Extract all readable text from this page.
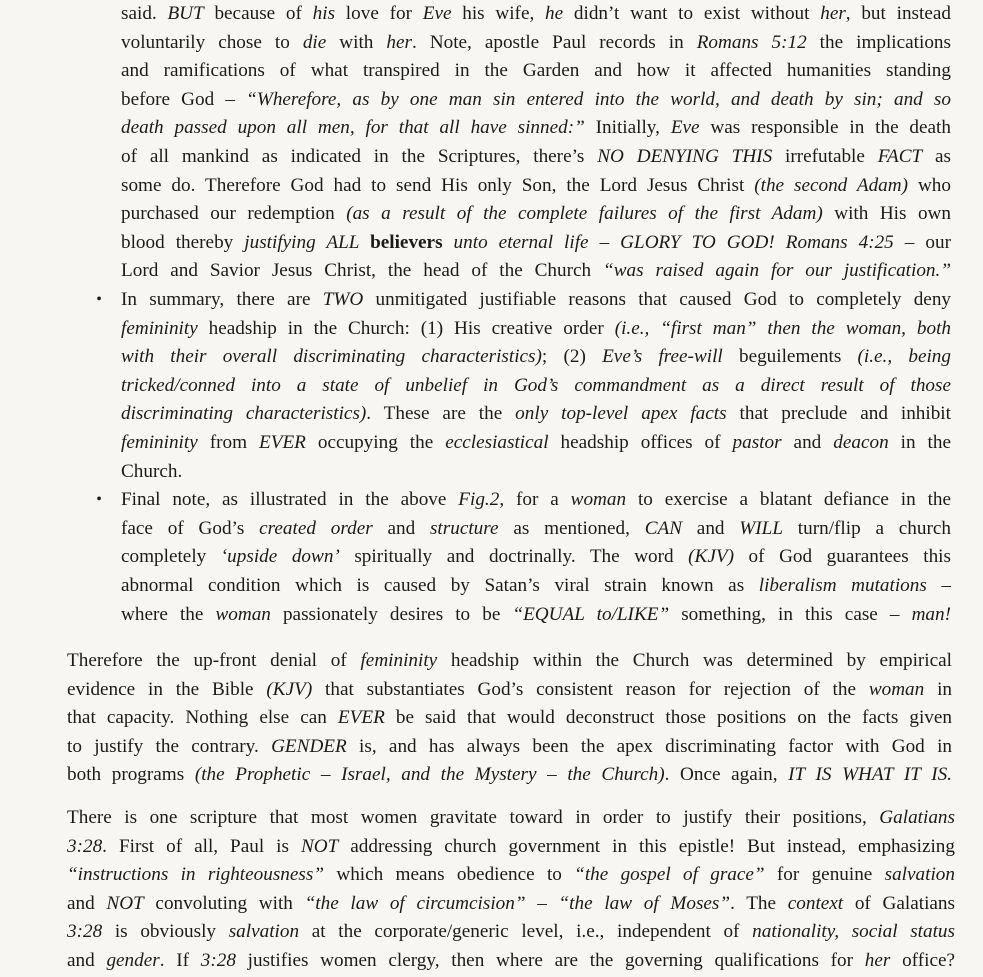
said. BUT because of his love for Eve his wife, he didn’t want to exist without her, but instead
voluntarily chose to die with her. Note, apostle Paul records in Romans 5:12 the implications
and ramifications of what transpired in the Garden and how it affected humanities standing
before God – “Wherefore, as by one man sin entered into the world, and death by sin; and so
death passed upon all men, for that all have sinned:” Initially, Eve was responsible in the death
of all mankind as indicated in the Scriptures, there’s NO DENYING THIS irrefutable FACT as
some do. Therefore God had to send His only Son, the Lord Jesus Christ (the second Adam) who
purchased our redemption (as a result of the complete failures of the first Adam) with His own
blood thereby justifying ALL believers unto eternal life – GLORY TO GOD! Romans 4:25 – our
Lord and Savior Jesus Christ, the head of the Church “was raised again for our justification.”
• In summary, there are TWO unmitigated justifiable reasons that caused God to completely deny
femininity headship in the Church: (1) His creative order (i.e., “first man” then the woman, both
with their overall discriminating characteristics); (2) Eve’s free-will beguilements (i.e., being
tricked/conned into a state of unbelief in God’s commandment as a direct result of those
discriminating characteristics). These are the only top-level apex facts that preclude and inhibit
femininity from EVER occupying the ecclesiastical headship offices of pastor and deacon in the
Church.
• Final note, as illustrated in the above Fig.2, for a woman to exercise a blatant defiance in the
face of God’s created order and structure as mentioned, CAN and WILL turn/flip a church
completely ‘upside down’ spiritually and doctrinally. The word (KJV) of God guarantees this
abnormal condition which is caused by Satan’s viral strain known as liberalism mutations –
where the woman passionately desires to be “EQUAL to/LIKE” something, in this case – man!
Therefore the up-front denial of femininity headship within the Church was determined by empirical
evidence in the Bible (KJV) that substantiates God’s consistent reason for rejection of the woman in
that capacity. Nothing else can EVER be said that would deconstruct those positions on the facts given
to justify the contrary. GENDER is, and has always been the apex discriminating factor with God in
both programs (the Prophetic – Israel, and the Mystery – the Church). Once again, IT IS WHAT IT IS.
There is one scripture that most women gravitate toward in order to justify their positions, Galatians
3:28. First of all, Paul is NOT addressing church government in this epistle! But instead, emphasizing
“instructions in righteousness” which means obedience to “the gospel of grace” for genuine salvation
and NOT convoluting with “the law of circumcision” – “the law of Moses”. The context of Galatians
3:28 is obviously salvation at the corporate/generic level, i.e., independent of nationality, social status
and gender. If 3:28 justifies women clergy, then where are the governing qualifications for her office?
